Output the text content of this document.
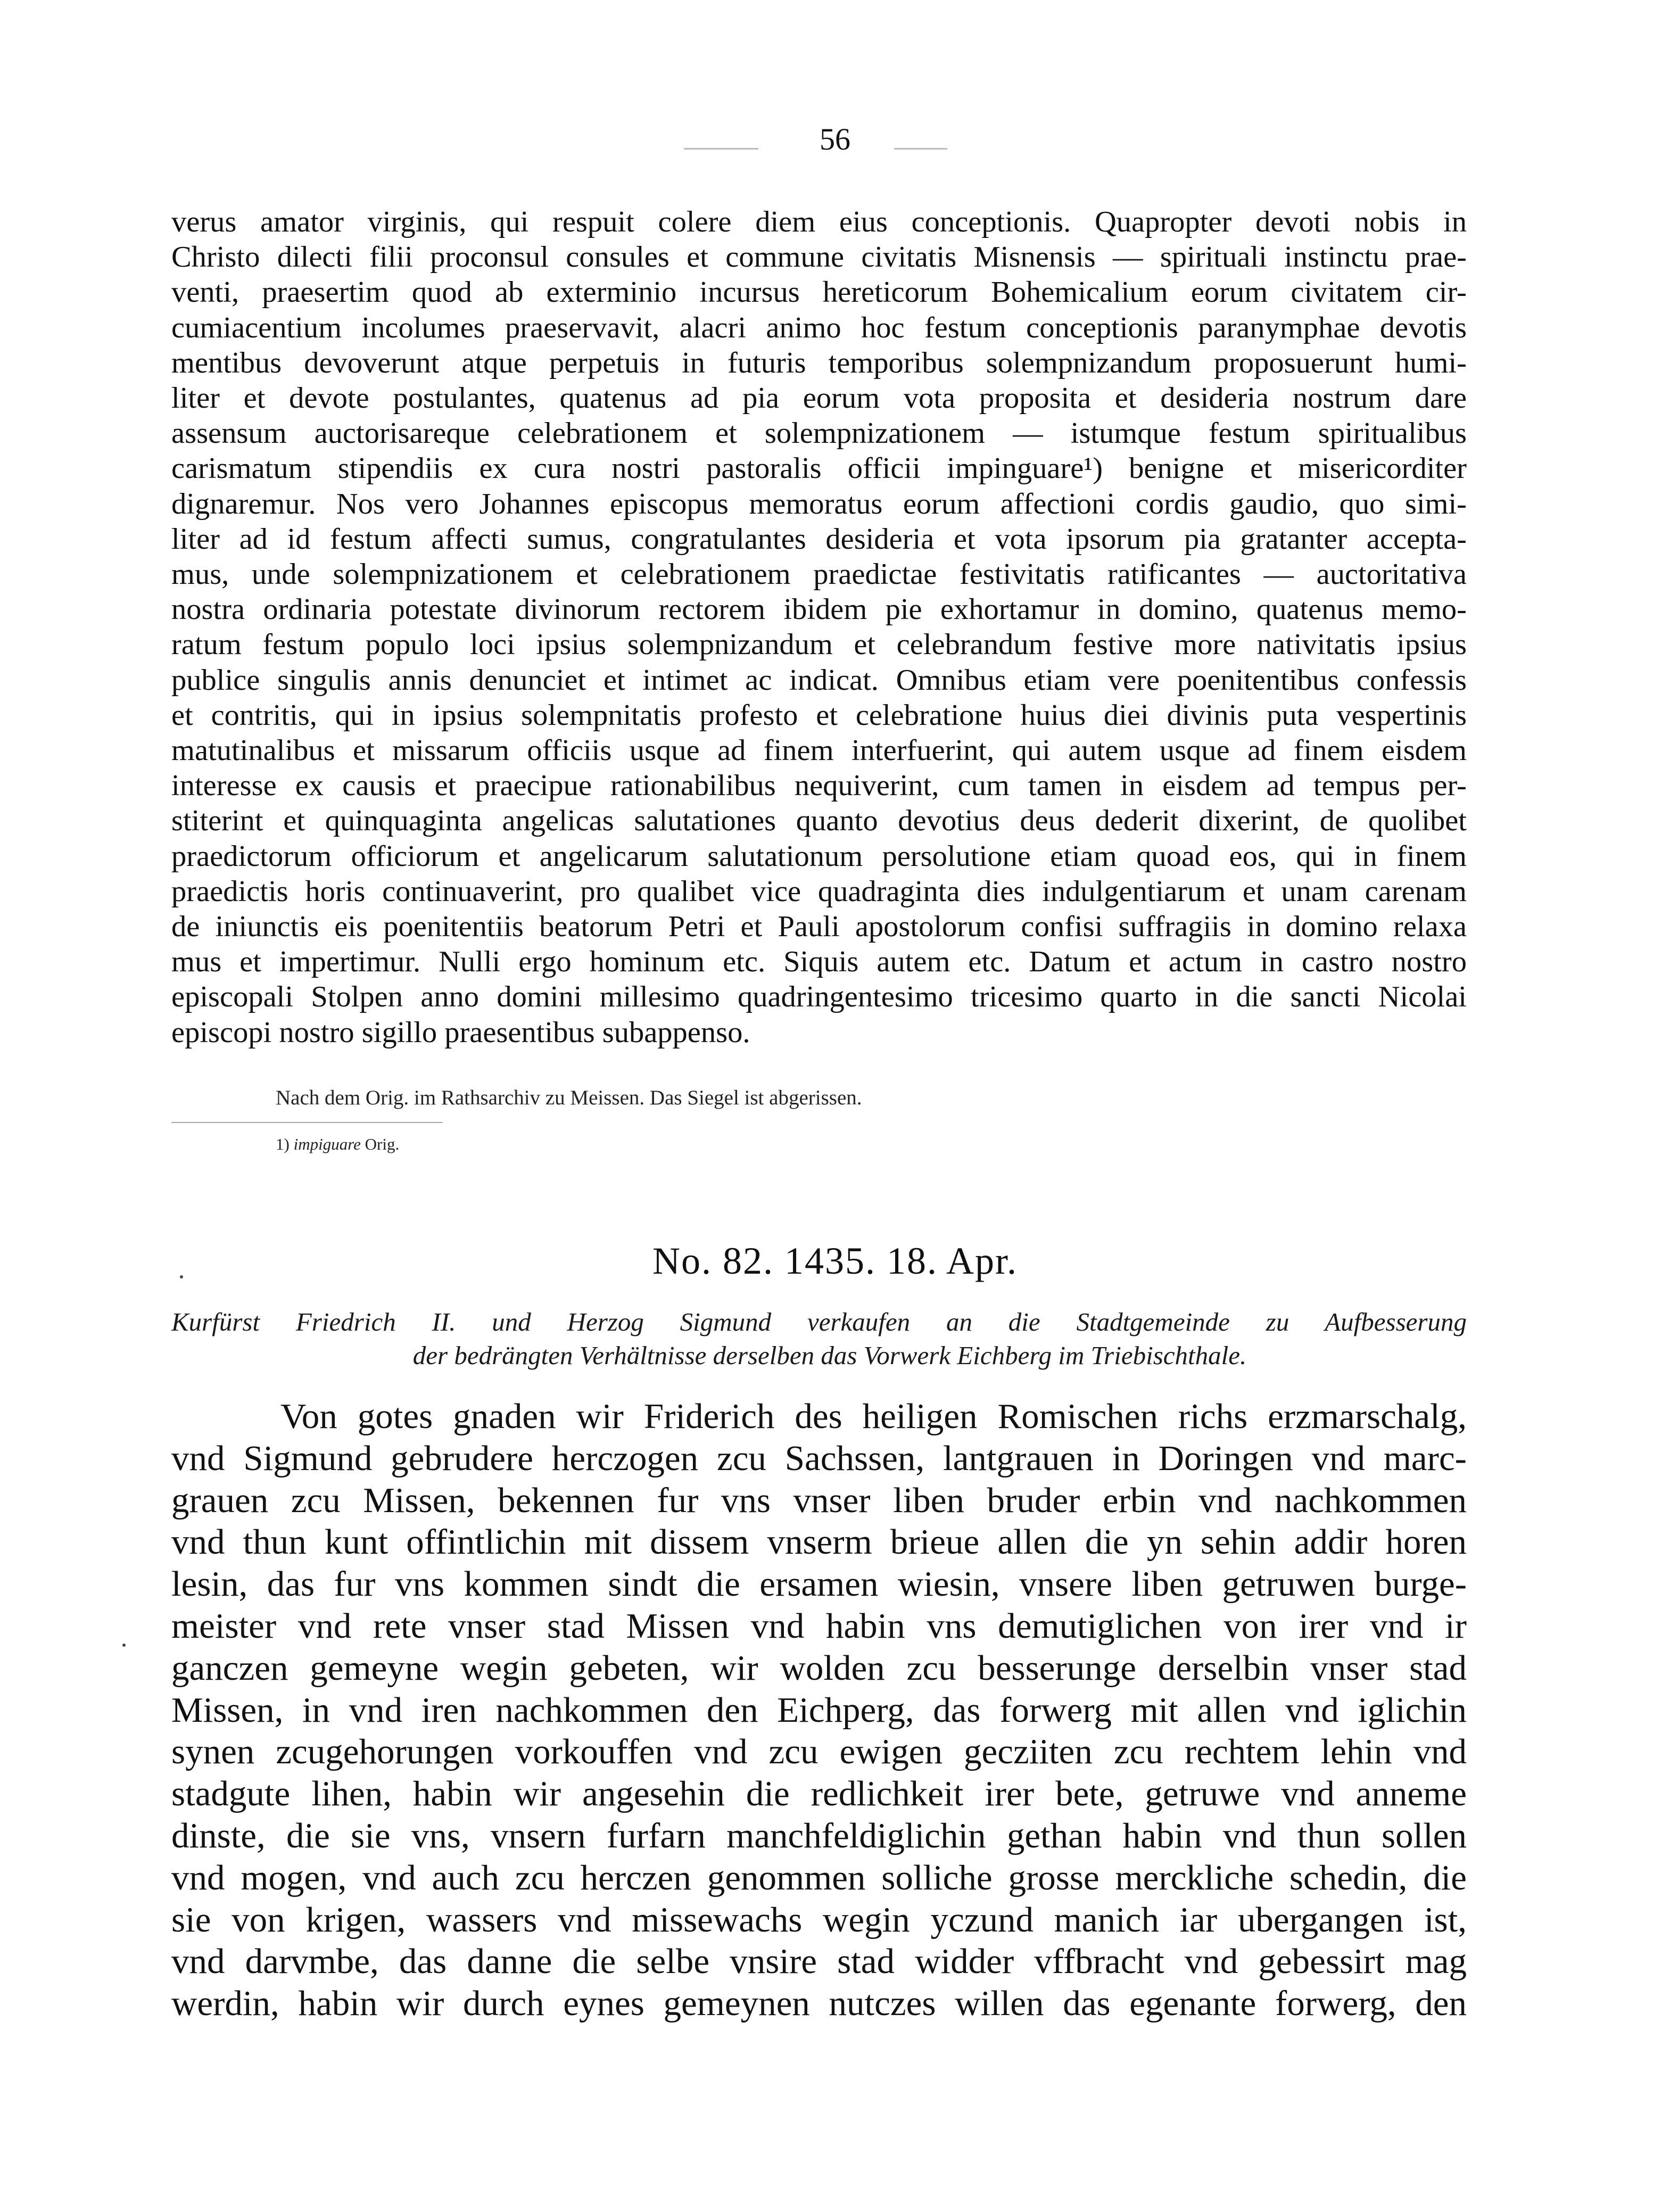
56
verus amator virginis, qui respuit colere diem eius conceptionis. Quapropter devoti nobis in
Christo dilecti filii proconsul consules et commune civitatis Misnensis — spirituali instinctu prae-
venti, praesertim quod ab exterminio incursus hereticorum Bohemicalium eorum civitatem cir-
cumiacentium incolumes praeservavit, alacri animo hoc festum conceptionis paranymphae devotis
mentibus devoverunt atque perpetuis in futuris temporibus solempnizandum proposuerunt humi-
liter et devote postulantes, quatenus ad pia eorum vota proposita et desideria nostrum dare
assensum auctorisareque celebrationem et solempnizationem — istumque festum spiritualibus
carismatum stipendiis ex cura nostri pastoralis officii impinguare¹) benigne et misericorditer
dignaremur. Nos vero Johannes episcopus memoratus eorum affectioni cordis gaudio, quo simi-
liter ad id festum affecti sumus, congratulantes desideria et vota ipsorum pia gratanter accepta-
mus, unde solempnizationem et celebrationem praedictae festivitatis ratificantes — auctoritativa
nostra ordinaria potestate divinorum rectorem ibidem pie exhortamur in domino, quatenus memo-
ratum festum populo loci ipsius solempnizandum et celebrandum festive more nativitatis ipsius
publice singulis annis denunciet et intimet ac indicat. Omnibus etiam vere poenitentibus confessis
et contritis, qui in ipsius solempnitatis profesto et celebratione huius diei divinis puta vespertinis
matutinalibus et missarum officiis usque ad finem interfuerint, qui autem usque ad finem eisdem
interesse ex causis et praecipue rationabilibus nequiverint, cum tamen in eisdem ad tempus per-
stiterint et quinquaginta angelicas salutationes quanto devotius deus dederit dixerint, de quolibet
praedictorum officiorum et angelicarum salutationum persolutione etiam quoad eos, qui in finem
praedictis horis continuaverint, pro qualibet vice quadraginta dies indulgentiarum et unam carenam
de iniunctis eis poenitentiis beatorum Petri et Pauli apostolorum confisi suffragiis in domino relaxa
mus et impertimur. Nulli ergo hominum etc. Siquis autem etc. Datum et actum in castro nostro
episcopali Stolpen anno domini millesimo quadringentesimo tricesimo quarto in die sancti Nicolai
episcopi nostro sigillo praesentibus subappenso.
Nach dem Orig. im Rathsarchiv zu Meissen. Das Siegel ist abgerissen.
1) impiguare Orig.
No. 82. 1435. 18. Apr.
Kurfürst Friedrich II. und Herzog Sigmund verkaufen an die Stadtgemeinde zu Aufbesserung
der bedrängten Verhältnisse derselben das Vorwerk Eichberg im Triebischthale.
Von gotes gnaden wir Friderich des heiligen Romischen richs erzmarschalg,
vnd Sigmund gebrudere herczogen zcu Sachssen, lantgrauen in Doringen vnd marc-
grauen zcu Missen, bekennen fur vns vnser liben bruder erbin vnd nachkommen
vnd thun kunt offintlichin mit dissem vnserm brieue allen die yn sehin addir horen
lesin, das fur vns kommen sindt die ersamen wiesin, vnsere liben getruwen burge-
meister vnd rete vnser stad Missen vnd habin vns demutiglichen von irer vnd ir
ganczen gemeyne wegin gebeten, wir wolden zcu besserunge derselbin vnser stad
Missen, in vnd iren nachkommen den Eichperg, das forwerg mit allen vnd iglichin
synen zcugehorungen vorkouffen vnd zcu ewigen gecziiten zcu rechtem lehin vnd
stadgute lihen, habin wir angesehin die redlichkeit irer bete, getruwe vnd anneme
dinste, die sie vns, vnsern furfarn manchfeldiglichin gethan habin vnd thun sollen
vnd mogen, vnd auch zcu herczen genommen solliche grosse merckliche schedin, die
sie von krigen, wassers vnd missewachs wegin yczund manich iar ubergangen ist,
vnd darvmbe, das danne die selbe vnsire stad widder vffbracht vnd gebessirt mag
werdin, habin wir durch eynes gemeynen nutczes willen das egenante forwerg, den
